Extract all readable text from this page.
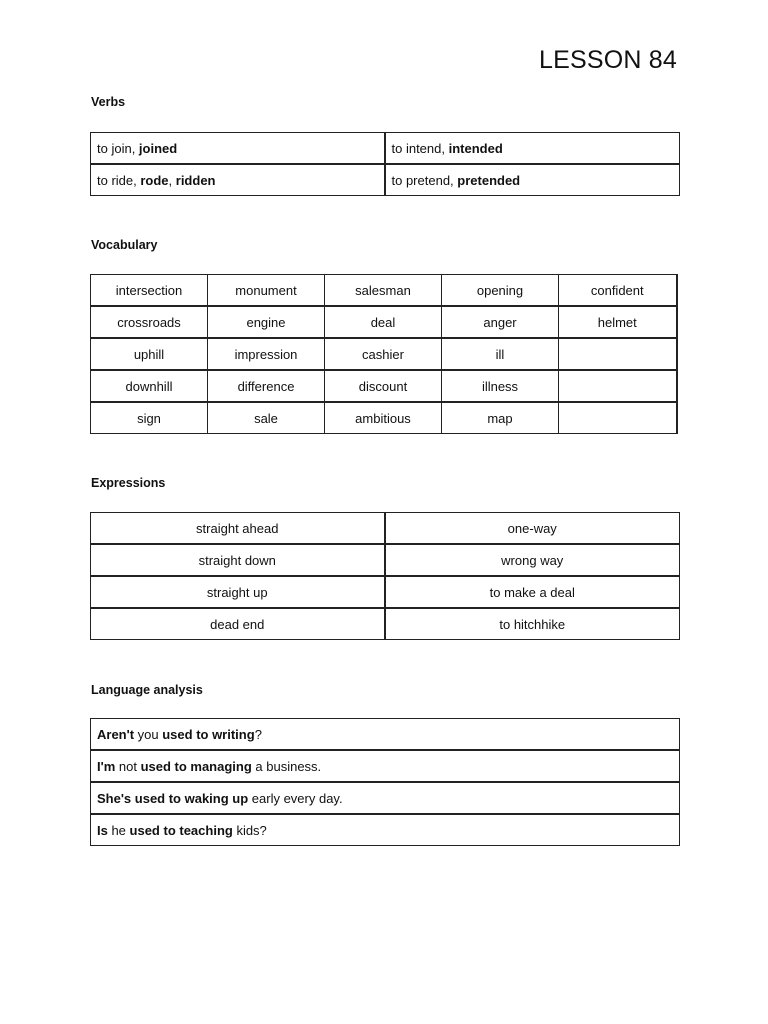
LESSON 84
Verbs
to join, joined	to intend, intended
to ride, rode, ridden	to pretend, pretended
Vocabulary
intersection	monument	salesman	opening	confident
crossroads	engine	deal	anger	helmet
uphill	impression	cashier	ill	
downhill	difference	discount	illness	
sign	sale	ambitious	map	
Expressions
straight ahead	one-way
straight down	wrong way
straight up	to make a deal
dead end	to hitchhike
Language analysis
Aren't you used to writing?
I'm not used to managing a business.
She's used to waking up early every day.
Is he used to teaching kids?
